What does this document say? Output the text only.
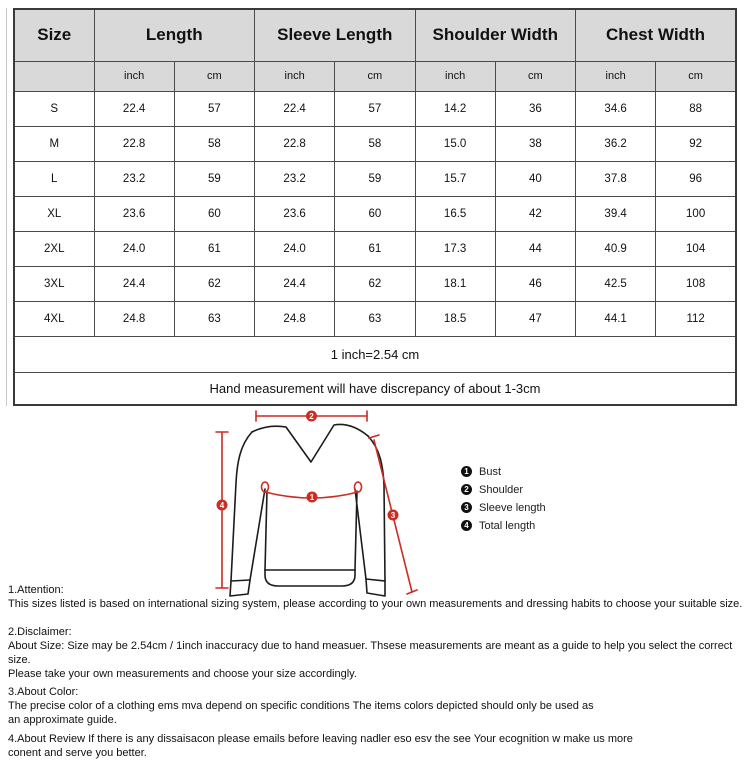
Size	Length		Sleeve Length		Shoulder Width		Chest Width	
	inch	cm	inch	cm	inch	cm	inch	cm
S	22.4	57	22.4	57	14.2	36	34.6	88
M	22.8	58	22.8	58	15.0	38	36.2	92
L	23.2	59	23.2	59	15.7	40	37.8	96
XL	23.6	60	23.6	60	16.5	42	39.4	100
2XL	24.0	61	24.0	61	17.3	44	40.9	104
3XL	24.4	62	24.4	62	18.1	46	42.5	108
4XL	24.8	63	24.8	63	18.5	47	44.1	112
1 inch=2.54 cm								
Hand measurement will have discrepancy of about 1-3cm								
2
4
1
3
1 Bust
2 Shoulder
3 Sleeve length
4 Total length
1.Attention:
This sizes listed is based on international sizing system, please according to your own measurements and dressing habits to choose your suitable size.
2.Disclaimer:
About Size: Size may be 2.54cm / 1inch inaccuracy due to hand measuer. Thsese measurements are meant as a guide to help you select the correct size.
Please take your own measurements and choose your size accordingly.
3.About Color:
The precise color of a clothing ems mva depend on specific conditions The items colors depicted should only be used as
an approximate guide.
4.About Review If there is any dissaisacon please emails before leaving nadler eso esv the see Your ecognition w make us more
conent and serve you better.
